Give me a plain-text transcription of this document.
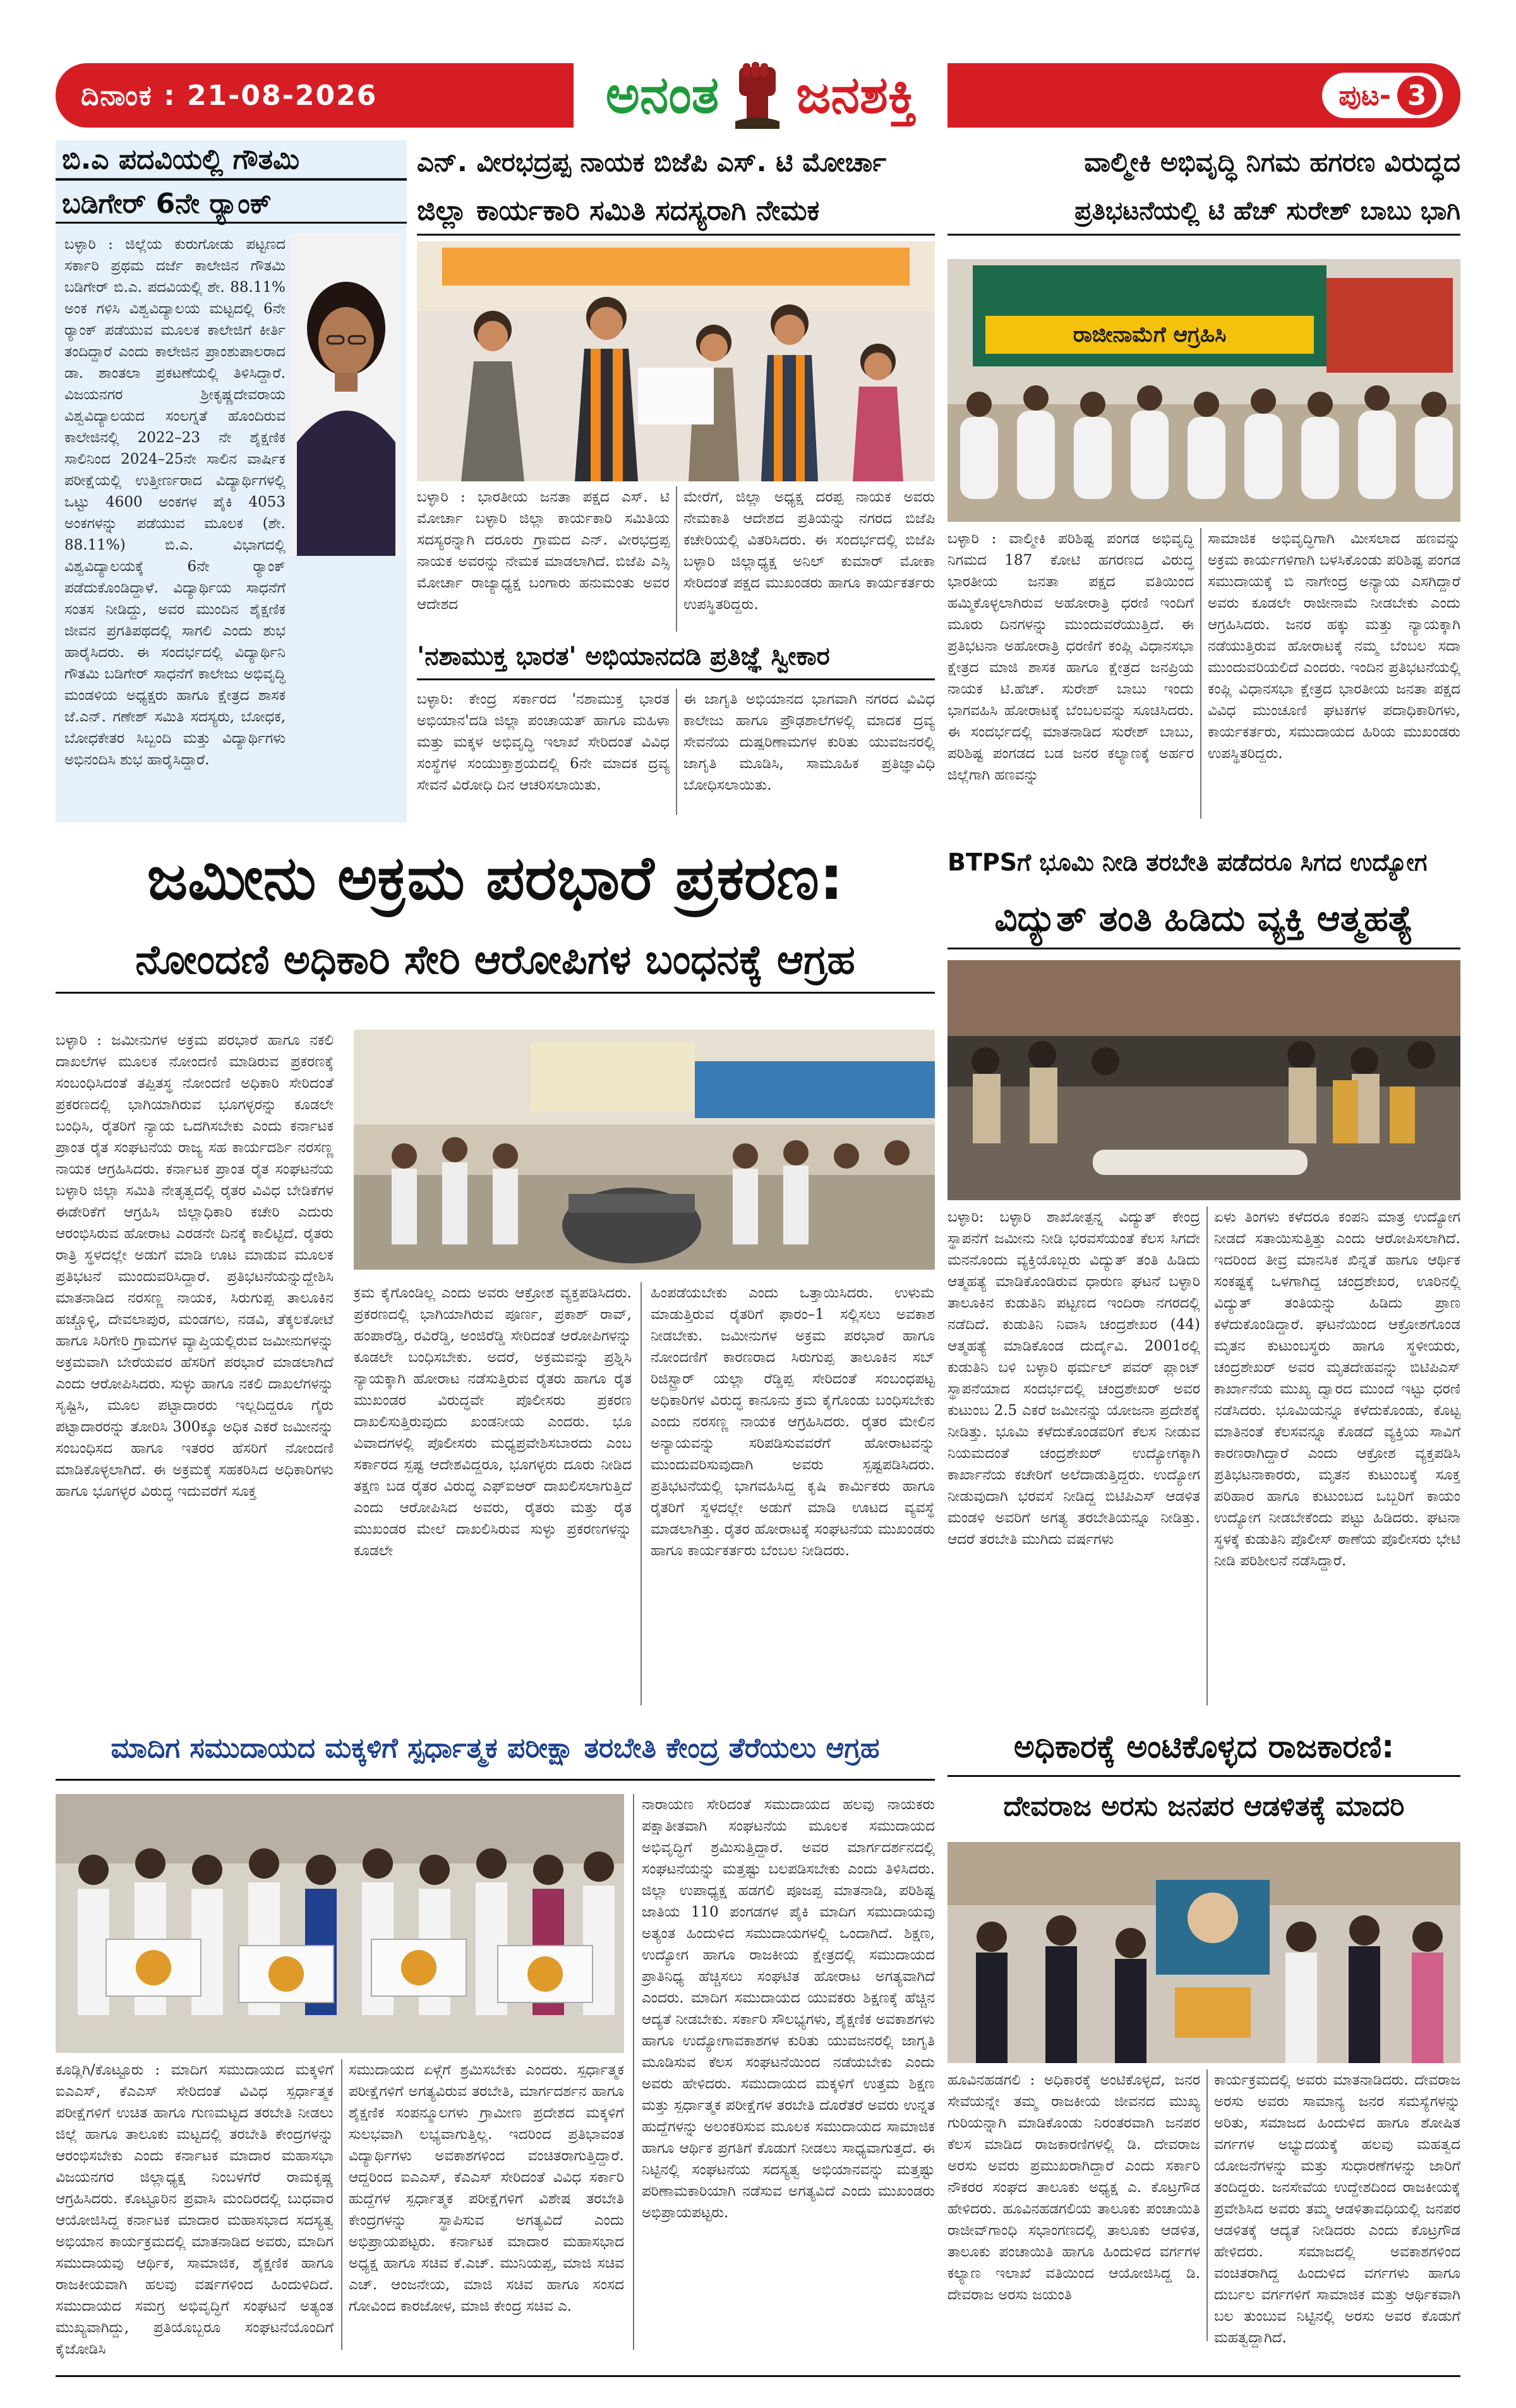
ದಿನಾಂಕ : 21-08-2026	ಅನಂತ ಜನಶಕ್ತಿ	ಪುಟ- 3
ಬಿ.ಎ ಪದವಿಯಲ್ಲಿ ಗೌತಮಿ
ಬಡಿಗೇರ್ 6ನೇ ರ‍್ಯಾಂಕ್
ಬಳ್ಳಾರಿ : ಜಿಲ್ಲೆಯ ಕುರುಗೋಡು ಪಟ್ಟಣದ ಸರ್ಕಾರಿ ಪ್ರಥಮ ದರ್ಜೆ ಕಾಲೇಜಿನ ಗೌತಮಿ ಬಡಿಗೇರ್ ಬಿ.ಎ. ಪದವಿಯಲ್ಲಿ ಶೇ. 88.11% ಅಂಕ ಗಳಿಸಿ ವಿಶ್ವವಿದ್ಯಾಲಯ ಮಟ್ಟದಲ್ಲಿ 6ನೇ ರ‍್ಯಾಂಕ್ ಪಡೆಯುವ ಮೂಲಕ ಕಾಲೇಜಿಗೆ ಕೀರ್ತಿ ತಂದಿದ್ದಾರೆ ಎಂದು ಕಾಲೇಜಿನ ಪ್ರಾಂಶುಪಾಲರಾದ ಡಾ. ಶಾಂತಲಾ ಪ್ರಕಟಣೆಯಲ್ಲಿ ತಿಳಿಸಿದ್ದಾರೆ. ವಿಜಯನಗರ ಶ್ರೀಕೃಷ್ಣದೇವರಾಯ ವಿಶ್ವವಿದ್ಯಾಲಯದ ಸಂಲಗ್ನತೆ ಹೊಂದಿರುವ ಕಾಲೇಜಿನಲ್ಲಿ 2022–23 ನೇ ಶೈಕ್ಷಣಿಕ ಸಾಲಿನಿಂದ 2024–25ನೇ ಸಾಲಿನ ವಾರ್ಷಿಕ ಪರೀಕ್ಷೆಯಲ್ಲಿ ಉತ್ತೀರ್ಣರಾದ ವಿದ್ಯಾರ್ಥಿಗಳಲ್ಲಿ ಒಟ್ಟು 4600 ಅಂಕಗಳ ಪೈಕಿ 4053 ಅಂಕಗಳನ್ನು ಪಡೆಯುವ ಮೂಲಕ (ಶೇ. 88.11%) ಬಿ.ಎ. ವಿಭಾಗದಲ್ಲಿ ವಿಶ್ವವಿದ್ಯಾಲಯಕ್ಕೆ 6ನೇ ರ‍್ಯಾಂಕ್ ಪಡೆದುಕೊಂಡಿದ್ದಾಳೆ. ವಿದ್ಯಾರ್ಥಿಯ ಸಾಧನೆಗೆ ಸಂತಸ ನೀಡಿದ್ದು, ಅವರ ಮುಂದಿನ ಶೈಕ್ಷಣಿಕ ಜೀವನ ಪ್ರಗತಿಪಥದಲ್ಲಿ ಸಾಗಲಿ ಎಂದು ಶುಭ ಹಾರೈಸಿದರು. ಈ ಸಂದರ್ಭದಲ್ಲಿ ವಿದ್ಯಾರ್ಥಿನಿ ಗೌತಮಿ ಬಡಿಗೇರ್ ಸಾಧನೆಗೆ ಕಾಲೇಜು ಅಭಿವೃದ್ಧಿ ಮಂಡಳಿಯ ಅಧ್ಯಕ್ಷರು ಹಾಗೂ ಕ್ಷೇತ್ರದ ಶಾಸಕ ಜೆ.ಎನ್. ಗಣೇಶ್ ಸಮಿತಿ ಸದಸ್ಯರು, ಬೋಧಕ, ಬೋಧಕೇತರ ಸಿಬ್ಬಂದಿ ಮತ್ತು ವಿದ್ಯಾರ್ಥಿಗಳು ಅಭಿನಂದಿಸಿ ಶುಭ ಹಾರೈಸಿದ್ದಾರೆ.
ಎನ್. ವೀರಭದ್ರಪ್ಪ ನಾಯಕ ಬಿಜೆಪಿ ಎಸ್. ಟಿ ಮೋರ್ಚಾ
ಜಿಲ್ಲಾ ಕಾರ್ಯಕಾರಿ ಸಮಿತಿ ಸದಸ್ಯರಾಗಿ ನೇಮಕ
ಬಳ್ಳಾರಿ : ಭಾರತೀಯ ಜನತಾ ಪಕ್ಷದ ಎಸ್. ಟಿ ಮೋರ್ಚಾ ಬಳ್ಳಾರಿ ಜಿಲ್ಲಾ ಕಾರ್ಯಕಾರಿ ಸಮಿತಿಯ ಸದಸ್ಯರನ್ನಾಗಿ ದರೂರು ಗ್ರಾಮದ ಎನ್. ವೀರಭದ್ರಪ್ಪ ನಾಯಕ ಅವರನ್ನು ನೇಮಕ ಮಾಡಲಾಗಿದೆ. ಬಿಜೆಪಿ ಎಸ್ಸಿ ಮೋರ್ಚಾ ರಾಜ್ಯಾಧ್ಯಕ್ಷ ಬಂಗಾರು ಹನುಮಂತು ಅವರ ಆದೇಶದ
ಮೇರೆಗೆ, ಜಿಲ್ಲಾ ಅಧ್ಯಕ್ಷ ದರಪ್ಪ ನಾಯಕ ಅವರು ನೇಮಕಾತಿ ಆದೇಶದ ಪ್ರತಿಯನ್ನು ನಗರದ ಬಿಜೆಪಿ ಕಚೇರಿಯಲ್ಲಿ ವಿತರಿಸಿದರು. ಈ ಸಂದರ್ಭದಲ್ಲಿ ಬಿಜೆಪಿ ಬಳ್ಳಾರಿ ಜಿಲ್ಲಾಧ್ಯಕ್ಷ ಅನಿಲ್ ಕುಮಾರ್ ಮೋಕಾ ಸೇರಿದಂತೆ ಪಕ್ಷದ ಮುಖಂಡರು ಹಾಗೂ ಕಾರ್ಯಕರ್ತರು ಉಪಸ್ಥಿತರಿದ್ದರು.
'ನಶಾಮುಕ್ತ ಭಾರತ' ಅಭಿಯಾನದಡಿ ಪ್ರತಿಜ್ಞೆ ಸ್ವೀಕಾರ
ಬಳ್ಳಾರಿ: ಕೇಂದ್ರ ಸರ್ಕಾರದ 'ನಶಾಮುಕ್ತ ಭಾರತ ಅಭಿಯಾನ'ದಡಿ ಜಿಲ್ಲಾ ಪಂಚಾಯತ್ ಹಾಗೂ ಮಹಿಳಾ ಮತ್ತು ಮಕ್ಕಳ ಅಭಿವೃದ್ಧಿ ಇಲಾಖೆ ಸೇರಿದಂತೆ ವಿವಿಧ ಸಂಸ್ಥೆಗಳ ಸಂಯುಕ್ತಾಶ್ರಯದಲ್ಲಿ 6ನೇ ಮಾದಕ ದ್ರವ್ಯ ಸೇವನೆ ವಿರೋಧಿ ದಿನ ಆಚರಿಸಲಾಯಿತು.
ಈ ಜಾಗೃತಿ ಅಭಿಯಾನದ ಭಾಗವಾಗಿ ನಗರದ ವಿವಿಧ ಕಾಲೇಜು ಹಾಗೂ ಪ್ರೌಢಶಾಲೆಗಳಲ್ಲಿ ಮಾದಕ ದ್ರವ್ಯ ಸೇವನೆಯ ದುಷ್ಪರಿಣಾಮಗಳ ಕುರಿತು ಯುವಜನರಲ್ಲಿ ಜಾಗೃತಿ ಮೂಡಿಸಿ, ಸಾಮೂಹಿಕ ಪ್ರತಿಜ್ಞಾವಿಧಿ ಬೋಧಿಸಲಾಯಿತು.
ವಾಲ್ಮೀಕಿ ಅಭಿವೃದ್ಧಿ ನಿಗಮ ಹಗರಣ ವಿರುದ್ಧದ
ಪ್ರತಿಭಟನೆಯಲ್ಲಿ ಟಿ ಹೆಚ್ ಸುರೇಶ್ ಬಾಬು ಭಾಗಿ
ರಾಜೀನಾಮೆಗೆ ಆಗ್ರಹಿಸಿ
ಬಳ್ಳಾರಿ : ವಾಲ್ಮೀಕಿ ಪರಿಶಿಷ್ಟ ಪಂಗಡ ಅಭಿವೃದ್ಧಿ ನಿಗಮದ 187 ಕೋಟಿ ಹಗರಣದ ವಿರುದ್ಧ ಭಾರತೀಯ ಜನತಾ ಪಕ್ಷದ ವತಿಯಿಂದ ಹಮ್ಮಿಕೊಳ್ಳಲಾಗಿರುವ ಅಹೋರಾತ್ರಿ ಧರಣಿ ಇಂದಿಗೆ ಮೂರು ದಿನಗಳನ್ನು ಮುಂದುವರೆಯುತ್ತಿದೆ. ಈ ಪ್ರತಿಭಟನಾ ಅಹೋರಾತ್ರಿ ಧರಣಿಗೆ ಕಂಪ್ಲಿ ವಿಧಾನಸಭಾ ಕ್ಷೇತ್ರದ ಮಾಜಿ ಶಾಸಕ ಹಾಗೂ ಕ್ಷೇತ್ರದ ಜನಪ್ರಿಯ ನಾಯಕ ಟಿ.ಹೆಚ್. ಸುರೇಶ್ ಬಾಬು ಇಂದು ಭಾಗವಹಿಸಿ ಹೋರಾಟಕ್ಕೆ ಬೆಂಬಲವನ್ನು ಸೂಚಿಸಿದರು. ಈ ಸಂದರ್ಭದಲ್ಲಿ ಮಾತನಾಡಿದ ಸುರೇಶ್ ಬಾಬು, ಪರಿಶಿಷ್ಟ ಪಂಗಡದ ಬಡ ಜನರ ಕಲ್ಯಾಣಕ್ಕೆ ಅರ್ಹರ ಜಿಲ್ಲೆಗಾಗಿ ಹಣವನ್ನು
ಸಾಮಾಜಿಕ ಅಭಿವೃದ್ಧಿಗಾಗಿ ಮೀಸಲಾದ ಹಣವನ್ನು ಅಕ್ರಮ ಕಾರ್ಯಗಳಿಗಾಗಿ ಬಳಸಿಕೊಂಡು ಪರಿಶಿಷ್ಟ ಪಂಗಡ ಸಮುದಾಯಕ್ಕೆ ಬಿ ನಾಗೇಂದ್ರ ಅನ್ಯಾಯ ಎಸಗಿದ್ದಾರೆ ಅವರು ಕೂಡಲೇ ರಾಜೀನಾಮೆ ನೀಡಬೇಕು ಎಂದು ಆಗ್ರಹಿಸಿದರು. ಜನರ ಹಕ್ಕು ಮತ್ತು ನ್ಯಾಯಕ್ಕಾಗಿ ನಡೆಯುತ್ತಿರುವ ಹೋರಾಟಕ್ಕೆ ನಮ್ಮ ಬೆಂಬಲ ಸದಾ ಮುಂದುವರಿಯಲಿದೆ ಎಂದರು. ಇಂದಿನ ಪ್ರತಿಭಟನೆಯಲ್ಲಿ ಕಂಪ್ಲಿ ವಿಧಾನಸಭಾ ಕ್ಷೇತ್ರದ ಭಾರತೀಯ ಜನತಾ ಪಕ್ಷದ ವಿವಿಧ ಮುಂಚೂಣಿ ಘಟಕಗಳ ಪದಾಧಿಕಾರಿಗಳು, ಕಾರ್ಯಕರ್ತರು, ಸಮುದಾಯದ ಹಿರಿಯ ಮುಖಂಡರು ಉಪಸ್ಥಿತರಿದ್ದರು.
ಜಮೀನು ಅಕ್ರಮ ಪರಭಾರೆ ಪ್ರಕರಣ:
ನೋಂದಣಿ ಅಧಿಕಾರಿ ಸೇರಿ ಆರೋಪಿಗಳ ಬಂಧನಕ್ಕೆ ಆಗ್ರಹ
ಬಳ್ಳಾರಿ : ಜಮೀನುಗಳ ಅಕ್ರಮ ಪರಭಾರೆ ಹಾಗೂ ನಕಲಿ ದಾಖಲೆಗಳ ಮೂಲಕ ನೋಂದಣಿ ಮಾಡಿರುವ ಪ್ರಕರಣಕ್ಕೆ ಸಂಬಂಧಿಸಿದಂತೆ ತಪ್ಪಿತಸ್ಥ ನೋಂದಣಿ ಅಧಿಕಾರಿ ಸೇರಿದಂತೆ ಪ್ರಕರಣದಲ್ಲಿ ಭಾಗಿಯಾಗಿರುವ ಭೂಗಳ್ಳರನ್ನು ಕೂಡಲೇ ಬಂಧಿಸಿ, ರೈತರಿಗೆ ನ್ಯಾಯ ಒದಗಿಸಬೇಕು ಎಂದು ಕರ್ನಾಟಕ ಪ್ರಾಂತ ರೈತ ಸಂಘಟನೆಯ ರಾಜ್ಯ ಸಹ ಕಾರ್ಯದರ್ಶಿ ನರಸಣ್ಣ ನಾಯಕ ಆಗ್ರಹಿಸಿದರು. ಕರ್ನಾಟಕ ಪ್ರಾಂತ ರೈತ ಸಂಘಟನೆಯ ಬಳ್ಳಾರಿ ಜಿಲ್ಲಾ ಸಮಿತಿ ನೇತೃತ್ವದಲ್ಲಿ ರೈತರ ವಿವಿಧ ಬೇಡಿಕೆಗಳ ಈಡೇರಿಕೆಗೆ ಆಗ್ರಹಿಸಿ ಜಿಲ್ಲಾಧಿಕಾರಿ ಕಚೇರಿ ಎದುರು ಆರಂಭಿಸಿರುವ ಹೋರಾಟ ಎರಡನೇ ದಿನಕ್ಕೆ ಕಾಲಿಟ್ಟಿದೆ. ರೈತರು ರಾತ್ರಿ ಸ್ಥಳದಲ್ಲೇ ಅಡುಗೆ ಮಾಡಿ ಊಟ ಮಾಡುವ ಮೂಲಕ ಪ್ರತಿಭಟನೆ ಮುಂದುವರಿಸಿದ್ದಾರೆ. ಪ್ರತಿಭಟನೆಯನ್ನುದ್ದೇಶಿಸಿ ಮಾತನಾಡಿದ ನರಸಣ್ಣ ನಾಯಕ, ಸಿರುಗುಪ್ಪ ತಾಲೂಕಿನ ಹಚ್ಚೊಳ್ಳಿ, ದೇವಲಾಪುರ, ಮಂಡಗಲ, ನಡವಿ, ತೆಕ್ಕಲಕೋಟೆ ಹಾಗೂ ಸಿರಿಗೇರಿ ಗ್ರಾಮಗಳ ವ್ಯಾಪ್ತಿಯಲ್ಲಿರುವ ಜಮೀನುಗಳನ್ನು ಅಕ್ರಮವಾಗಿ ಬೇರೆಯವರ ಹೆಸರಿಗೆ ಪರಭಾರೆ ಮಾಡಲಾಗಿದೆ ಎಂದು ಆರೋಪಿಸಿದರು. ಸುಳ್ಳು ಹಾಗೂ ನಕಲಿ ದಾಖಲೆಗಳನ್ನು ಸೃಷ್ಟಿಸಿ, ಮೂಲ ಪಟ್ಟಾದಾರರು ಇಲ್ಲದಿದ್ದರೂ ಗೈರು ಪಟ್ಟಾದಾರರನ್ನು ತೋರಿಸಿ 300ಕ್ಕೂ ಅಧಿಕ ಎಕರೆ ಜಮೀನನ್ನು ಸಂಬಂಧಿಸದ ಹಾಗೂ ಇತರರ ಹೆಸರಿಗೆ ನೋಂದಣಿ ಮಾಡಿಕೊಳ್ಳಲಾಗಿದೆ. ಈ ಅಕ್ರಮಕ್ಕೆ ಸಹಕರಿಸಿದ ಅಧಿಕಾರಿಗಳು ಹಾಗೂ ಭೂಗಳ್ಳರ ವಿರುದ್ಧ ಇದುವರೆಗೆ ಸೂಕ್ತ
ಕ್ರಮ ಕೈಗೊಂಡಿಲ್ಲ ಎಂದು ಅವರು ಆಕ್ರೋಶ ವ್ಯಕ್ತಪಡಿಸಿದರು. ಪ್ರಕರಣದಲ್ಲಿ ಭಾಗಿಯಾಗಿರುವ ಪೂರ್ಣ, ಪ್ರಕಾಶ್ ರಾವ್, ಹಂಪಾರೆಡ್ಡಿ, ರವಿರೆಡ್ಡಿ, ಅಂಜಿರೆಡ್ಡಿ ಸೇರಿದಂತೆ ಆರೋಪಿಗಳನ್ನು ಕೂಡಲೇ ಬಂಧಿಸಬೇಕು. ಅದರೆ, ಅಕ್ರಮವನ್ನು ಪ್ರಶ್ನಿಸಿ ನ್ಯಾಯಕ್ಕಾಗಿ ಹೋರಾಟ ನಡೆಸುತ್ತಿರುವ ರೈತರು ಹಾಗೂ ರೈತ ಮುಖಂಡರ ವಿರುದ್ಧವೇ ಪೊಲೀಸರು ಪ್ರಕರಣ ದಾಖಲಿಸುತ್ತಿರುವುದು ಖಂಡನೀಯ ಎಂದರು. ಭೂ ವಿವಾದಗಳಲ್ಲಿ ಪೊಲೀಸರು ಮಧ್ಯಪ್ರವೇಶಿಸಬಾರದು ಎಂಬ ಸರ್ಕಾರದ ಸ್ಪಷ್ಟ ಆದೇಶವಿದ್ದರೂ, ಭೂಗಳ್ಳರು ದೂರು ನೀಡಿದ ತಕ್ಷಣ ಬಡ ರೈತರ ವಿರುದ್ಧ ಎಫ್‌ಐಆರ್ ದಾಖಲಿಸಲಾಗುತ್ತಿದೆ ಎಂದು ಆರೋಪಿಸಿದ ಅವರು, ರೈತರು ಮತ್ತು ರೈತ ಮುಖಂಡರ ಮೇಲೆ ದಾಖಲಿಸಿರುವ ಸುಳ್ಳು ಪ್ರಕರಣಗಳನ್ನು ಕೂಡಲೇ
ಹಿಂಪಡೆಯಬೇಕು ಎಂದು ಒತ್ತಾಯಿಸಿದರು. ಉಳುಮೆ ಮಾಡುತ್ತಿರುವ ರೈತರಿಗೆ ಫಾರಂ–1 ಸಲ್ಲಿಸಲು ಅವಕಾಶ ನೀಡಬೇಕು. ಜಮೀನುಗಳ ಅಕ್ರಮ ಪರಭಾರೆ ಹಾಗೂ ನೋಂದಣಿಗೆ ಕಾರಣರಾದ ಸಿರುಗುಪ್ಪ ತಾಲೂಕಿನ ಸಬ್ ರಿಜಿಸ್ಟ್ರಾರ್ ಯಲ್ಲಾ ರೆಡ್ಡಿಪ್ಪ ಸೇರಿದಂತೆ ಸಂಬಂಧಪಟ್ಟ ಅಧಿಕಾರಿಗಳ ವಿರುದ್ಧ ಕಾನೂನು ಕ್ರಮ ಕೈಗೊಂಡು ಬಂಧಿಸಬೇಕು ಎಂದು ನರಸಣ್ಣ ನಾಯಕ ಆಗ್ರಹಿಸಿದರು. ರೈತರ ಮೇಲಿನ ಅನ್ಯಾಯವನ್ನು ಸರಿಪಡಿಸುವವರೆಗೆ ಹೋರಾಟವನ್ನು ಮುಂದುವರಿಸುವುದಾಗಿ ಅವರು ಸ್ಪಷ್ಟಪಡಿಸಿದರು. ಪ್ರತಿಭಟನೆಯಲ್ಲಿ ಭಾಗವಹಿಸಿದ್ದ ಕೃಷಿ ಕಾರ್ಮಿಕರು ಹಾಗೂ ರೈತರಿಗೆ ಸ್ಥಳದಲ್ಲೇ ಅಡುಗೆ ಮಾಡಿ ಊಟದ ವ್ಯವಸ್ಥೆ ಮಾಡಲಾಗಿತ್ತು. ರೈತರ ಹೋರಾಟಕ್ಕೆ ಸಂಘಟನೆಯ ಮುಖಂಡರು ಹಾಗೂ ಕಾರ್ಯಕರ್ತರು ಬೆಂಬಲ ನೀಡಿದರು.
BTPSಗೆ ಭೂಮಿ ನೀಡಿ ತರಬೇತಿ ಪಡೆದರೂ ಸಿಗದ ಉದ್ಯೋಗ
ವಿದ್ಯುತ್ ತಂತಿ ಹಿಡಿದು ವ್ಯಕ್ತಿ ಆತ್ಮಹತ್ಯೆ
ಬಳ್ಳಾರಿ: ಬಳ್ಳಾರಿ ಶಾಖೋತ್ಪನ್ನ ವಿದ್ಯುತ್ ಕೇಂದ್ರ ಸ್ಥಾಪನೆಗೆ ಜಮೀನು ನೀಡಿ ಭರವಸೆಯಂತೆ ಕೆಲಸ ಸಿಗದೇ ಮನನೊಂದು ವ್ಯಕ್ತಿಯೊಬ್ಬರು ವಿದ್ಯುತ್ ತಂತಿ ಹಿಡಿದು ಆತ್ಮಹತ್ಯೆ ಮಾಡಿಕೊಂಡಿರುವ ಧಾರುಣ ಘಟನೆ ಬಳ್ಳಾರಿ ತಾಲೂಕಿನ ಕುಡುತಿನಿ ಪಟ್ಟಣದ ಇಂದಿರಾ ನಗರದಲ್ಲಿ ನಡೆದಿದೆ. ಕುಡುತಿನಿ ನಿವಾಸಿ ಚಂದ್ರಶೇಖರ (44) ಆತ್ಮಹತ್ಯೆ ಮಾಡಿಕೊಂಡ ದುರ್ದೈವಿ. 2001ರಲ್ಲಿ ಕುಡುತಿನಿ ಬಳಿ ಬಳ್ಳಾರಿ ಥರ್ಮಲ್ ಪವರ್ ಪ್ಲಾಂಟ್ ಸ್ಥಾಪನೆಯಾದ ಸಂದರ್ಭದಲ್ಲಿ ಚಂದ್ರಶೇಖರ್ ಅವರ ಕುಟುಂಬ 2.5 ಎಕರೆ ಜಮೀನನ್ನು ಯೋಜನಾ ಪ್ರದೇಶಕ್ಕೆ ನೀಡಿತ್ತು. ಭೂಮಿ ಕಳೆದುಕೊಂಡವರಿಗೆ ಕೆಲಸ ನೀಡುವ ನಿಯಮದಂತೆ ಚಂದ್ರಶೇಖರ್ ಉದ್ಯೋಗಕ್ಕಾಗಿ ಕಾರ್ಖಾನೆಯ ಕಚೇರಿಗೆ ಅಲೆದಾಡುತ್ತಿದ್ದರು. ಉದ್ಯೋಗ ನೀಡುವುದಾಗಿ ಭರವಸೆ ನೀಡಿದ್ದ ಬಿಟಿಪಿಎಸ್ ಆಡಳಿತ ಮಂಡಳಿ ಅವರಿಗೆ ಅಗತ್ಯ ತರಬೇತಿಯನ್ನೂ ನೀಡಿತ್ತು. ಆದರೆ ತರಬೇತಿ ಮುಗಿದು ವರ್ಷಗಳು
ಏಳು ತಿಂಗಳು ಕಳೆದರೂ ಕಂಪನಿ ಮಾತ್ರ ಉದ್ಯೋಗ ನೀಡದೆ ಸತಾಯಿಸುತ್ತಿತ್ತು ಎಂದು ಆರೋಪಿಸಲಾಗಿದೆ. ಇದರಿಂದ ತೀವ್ರ ಮಾನಸಿಕ ಖಿನ್ನತೆ ಹಾಗೂ ಆರ್ಥಿಕ ಸಂಕಷ್ಟಕ್ಕೆ ಒಳಗಾಗಿದ್ದ ಚಂದ್ರಶೇಖರ, ಊರಿನಲ್ಲಿ ವಿದ್ಯುತ್ ತಂತಿಯನ್ನು ಹಿಡಿದು ಪ್ರಾಣ ಕಳೆದುಕೊಂಡಿದ್ದಾರೆ. ಘಟನೆಯಿಂದ ಆಕ್ರೋಶಗೊಂಡ ಮೃತನ ಕುಟುಂಬಸ್ಥರು ಹಾಗೂ ಸ್ಥಳೀಯರು, ಚಂದ್ರಶೇಖರ್ ಅವರ ಮೃತದೇಹವನ್ನು ಬಿಟಿಪಿಎಸ್ ಕಾರ್ಖಾನೆಯ ಮುಖ್ಯ ದ್ವಾರದ ಮುಂದೆ ಇಟ್ಟು ಧರಣಿ ನಡೆಸಿದರು. ಭೂಮಿಯನ್ನೂ ಕಳೆದುಕೊಂಡು, ಕೊಟ್ಟ ಮಾತಿನಂತೆ ಕೆಲಸವನ್ನೂ ಕೊಡದೆ ವ್ಯಕ್ತಿಯ ಸಾವಿಗೆ ಕಾರಣರಾಗಿದ್ದಾರೆ ಎಂದು ಆಕ್ರೋಶ ವ್ಯಕ್ತಪಡಿಸಿ ಪ್ರತಿಭಟನಾಕಾರರು, ಮೃತನ ಕುಟುಂಬಕ್ಕೆ ಸೂಕ್ತ ಪರಿಹಾರ ಹಾಗೂ ಕುಟುಂಬದ ಒಬ್ಬರಿಗೆ ಕಾಯಂ ಉದ್ಯೋಗ ನೀಡಬೇಕೆಂದು ಪಟ್ಟು ಹಿಡಿದರು. ಘಟನಾ ಸ್ಥಳಕ್ಕೆ ಕುಡುತಿನಿ ಪೊಲೀಸ್ ಠಾಣೆಯ ಪೊಲೀಸರು ಭೇಟಿ ನೀಡಿ ಪರಿಶೀಲನೆ ನಡೆಸಿದ್ದಾರೆ.
ಮಾದಿಗ ಸಮುದಾಯದ ಮಕ್ಕಳಿಗೆ ಸ್ಪರ್ಧಾತ್ಮಕ ಪರೀಕ್ಷಾ ತರಬೇತಿ ಕೇಂದ್ರ ತೆರೆಯಲು ಆಗ್ರಹ
ಕೂಡ್ಲಿಗಿ/ಕೊಟ್ಟೂರು : ಮಾದಿಗ ಸಮುದಾಯದ ಮಕ್ಕಳಿಗೆ ಐಎಎಸ್, ಕೆಎಎಸ್ ಸೇರಿದಂತೆ ವಿವಿಧ ಸ್ಪರ್ಧಾತ್ಮಕ ಪರೀಕ್ಷೆಗಳಿಗೆ ಉಚಿತ ಹಾಗೂ ಗುಣಮಟ್ಟದ ತರಬೇತಿ ನೀಡಲು ಜಿಲ್ಲೆ ಹಾಗೂ ತಾಲೂಕು ಮಟ್ಟದಲ್ಲಿ ತರಬೇತಿ ಕೇಂದ್ರಗಳನ್ನು ಆರಂಭಿಸಬೇಕು ಎಂದು ಕರ್ನಾಟಕ ಮಾದಾರ ಮಹಾಸಭಾ ವಿಜಯನಗರ ಜಿಲ್ಲಾಧ್ಯಕ್ಷ ನಿಂಬಳಗೆರೆ ರಾಮಕೃಷ್ಣ ಆಗ್ರಹಿಸಿದರು. ಕೊಟ್ಟೂರಿನ ಪ್ರವಾಸಿ ಮಂದಿರದಲ್ಲಿ ಬುಧವಾರ ಆಯೋಜಿಸಿದ್ದ ಕರ್ನಾಟಕ ಮಾದಾರ ಮಹಾಸಭಾದ ಸದಸ್ಯತ್ವ ಅಭಿಯಾನ ಕಾರ್ಯಕ್ರಮದಲ್ಲಿ ಮಾತನಾಡಿದ ಅವರು, ಮಾದಿಗ ಸಮುದಾಯವು ಆರ್ಥಿಕ, ಸಾಮಾಜಿಕ, ಶೈಕ್ಷಣಿಕ ಹಾಗೂ ರಾಜಕೀಯವಾಗಿ ಹಲವು ವರ್ಷಗಳಿಂದ ಹಿಂದುಳಿದಿದೆ. ಸಮುದಾಯದ ಸಮಗ್ರ ಅಭಿವೃದ್ಧಿಗೆ ಸಂಘಟನೆ ಅತ್ಯಂತ ಮುಖ್ಯವಾಗಿದ್ದು, ಪ್ರತಿಯೊಬ್ಬರೂ ಸಂಘಟನೆಯೊಂದಿಗೆ ಕೈಜೋಡಿಸಿ
ಸಮುದಾಯದ ಏಳ್ಗೆಗೆ ಶ್ರಮಿಸಬೇಕು ಎಂದರು. ಸ್ಪರ್ಧಾತ್ಮಕ ಪರೀಕ್ಷೆಗಳಿಗೆ ಅಗತ್ಯವಿರುವ ತರಬೇತಿ, ಮಾರ್ಗದರ್ಶನ ಹಾಗೂ ಶೈಕ್ಷಣಿಕ ಸಂಪನ್ಮೂಲಗಳು ಗ್ರಾಮೀಣ ಪ್ರದೇಶದ ಮಕ್ಕಳಿಗೆ ಸುಲಭವಾಗಿ ಲಭ್ಯವಾಗುತ್ತಿಲ್ಲ. ಇದರಿಂದ ಪ್ರತಿಭಾವಂತ ವಿದ್ಯಾರ್ಥಿಗಳು ಅವಕಾಶಗಳಿಂದ ವಂಚಿತರಾಗುತ್ತಿದ್ದಾರೆ. ಆದ್ದರಿಂದ ಐಎಎಸ್, ಕೆಎಎಸ್ ಸೇರಿದಂತೆ ವಿವಿಧ ಸರ್ಕಾರಿ ಹುದ್ದೆಗಳ ಸ್ಪರ್ಧಾತ್ಮಕ ಪರೀಕ್ಷೆಗಳಿಗೆ ವಿಶೇಷ ತರಬೇತಿ ಕೇಂದ್ರಗಳನ್ನು ಸ್ಥಾಪಿಸುವ ಅಗತ್ಯವಿದೆ ಎಂದು ಅಭಿಪ್ರಾಯಪಟ್ಟರು. ಕರ್ನಾಟಕ ಮಾದಾರ ಮಹಾಸಭಾದ ಅಧ್ಯಕ್ಷ ಹಾಗೂ ಸಚಿವ ಕೆ.ಎಚ್. ಮುನಿಯಪ್ಪ, ಮಾಜಿ ಸಚಿವ ಎಚ್. ಆಂಜನೇಯ, ಮಾಜಿ ಸಚಿವ ಹಾಗೂ ಸಂಸದ ಗೋವಿಂದ ಕಾರಜೋಳ, ಮಾಜಿ ಕೇಂದ್ರ ಸಚಿವ ಎ.
ನಾರಾಯಣ ಸೇರಿದಂತೆ ಸಮುದಾಯದ ಹಲವು ನಾಯಕರು ಪಕ್ಷಾತೀತವಾಗಿ ಸಂಘಟನೆಯ ಮೂಲಕ ಸಮುದಾಯದ ಅಭಿವೃದ್ಧಿಗೆ ಶ್ರಮಿಸುತ್ತಿದ್ದಾರೆ. ಅವರ ಮಾರ್ಗದರ್ಶನದಲ್ಲಿ ಸಂಘಟನೆಯನ್ನು ಮತ್ತಷ್ಟು ಬಲಪಡಿಸಬೇಕು ಎಂದು ತಿಳಿಸಿದರು. ಜಿಲ್ಲಾ ಉಪಾಧ್ಯಕ್ಷ ಹಡಗಲಿ ಪೂಜಪ್ಪ ಮಾತನಾಡಿ, ಪರಿಶಿಷ್ಟ ಜಾತಿಯ 110 ಪಂಗಡಗಳ ಪೈಕಿ ಮಾದಿಗ ಸಮುದಾಯವು ಅತ್ಯಂತ ಹಿಂದುಳಿದ ಸಮುದಾಯಗಳಲ್ಲಿ ಒಂದಾಗಿದೆ. ಶಿಕ್ಷಣ, ಉದ್ಯೋಗ ಹಾಗೂ ರಾಜಕೀಯ ಕ್ಷೇತ್ರದಲ್ಲಿ ಸಮುದಾಯದ ಪ್ರಾತಿನಿಧ್ಯ ಹೆಚ್ಚಿಸಲು ಸಂಘಟಿತ ಹೋರಾಟ ಅಗತ್ಯವಾಗಿದೆ ಎಂದರು. ಮಾದಿಗ ಸಮುದಾಯದ ಯುವಕರು ಶಿಕ್ಷಣಕ್ಕೆ ಹೆಚ್ಚಿನ ಆದ್ಯತೆ ನೀಡಬೇಕು. ಸರ್ಕಾರಿ ಸೌಲಭ್ಯಗಳು, ಶೈಕ್ಷಣಿಕ ಅವಕಾಶಗಳು ಹಾಗೂ ಉದ್ಯೋಗಾವಕಾಶಗಳ ಕುರಿತು ಯುವಜನರಲ್ಲಿ ಜಾಗೃತಿ ಮೂಡಿಸುವ ಕೆಲಸ ಸಂಘಟನೆಯಿಂದ ನಡೆಯಬೇಕು ಎಂದು ಅವರು ಹೇಳಿದರು. ಸಮುದಾಯದ ಮಕ್ಕಳಿಗೆ ಉತ್ತಮ ಶಿಕ್ಷಣ ಮತ್ತು ಸ್ಪರ್ಧಾತ್ಮಕ ಪರೀಕ್ಷೆಗಳ ತರಬೇತಿ ದೊರೆತರೆ ಅವರು ಉನ್ನತ ಹುದ್ದೆಗಳನ್ನು ಅಲಂಕರಿಸುವ ಮೂಲಕ ಸಮುದಾಯದ ಸಾಮಾಜಿಕ ಹಾಗೂ ಆರ್ಥಿಕ ಪ್ರಗತಿಗೆ ಕೊಡುಗೆ ನೀಡಲು ಸಾಧ್ಯವಾಗುತ್ತದೆ. ಈ ನಿಟ್ಟಿನಲ್ಲಿ ಸಂಘಟನೆಯ ಸದಸ್ಯತ್ವ ಅಭಿಯಾನವನ್ನು ಮತ್ತಷ್ಟು ಪರಿಣಾಮಕಾರಿಯಾಗಿ ನಡೆಸುವ ಅಗತ್ಯವಿದೆ ಎಂದು ಮುಖಂಡರು ಅಭಿಪ್ರಾಯಪಟ್ಟರು.
ಅಧಿಕಾರಕ್ಕೆ ಅಂಟಿಕೊಳ್ಳದ ರಾಜಕಾರಣಿ:
ದೇವರಾಜ ಅರಸು ಜನಪರ ಆಡಳಿತಕ್ಕೆ ಮಾದರಿ
ಹೂವಿನಹಡಗಲಿ : ಅಧಿಕಾರಕ್ಕೆ ಅಂಟಿಕೊಳ್ಳದೆ, ಜನರ ಸೇವೆಯನ್ನೇ ತಮ್ಮ ರಾಜಕೀಯ ಜೀವನದ ಮುಖ್ಯ ಗುರಿಯನ್ನಾಗಿ ಮಾಡಿಕೊಂಡು ನಿರಂತರವಾಗಿ ಜನಪರ ಕೆಲಸ ಮಾಡಿದ ರಾಜಕಾರಣಿಗಳಲ್ಲಿ ಡಿ. ದೇವರಾಜ ಅರಸು ಅವರು ಪ್ರಮುಖರಾಗಿದ್ದಾರೆ ಎಂದು ಸರ್ಕಾರಿ ನೌಕರರ ಸಂಘದ ತಾಲೂಕು ಅಧ್ಯಕ್ಷ ಎ. ಕೊಟ್ರಗೌಡ ಹೇಳಿದರು. ಹೂವಿನಹಡಗಲಿಯ ತಾಲೂಕು ಪಂಚಾಯಿತಿ ರಾಜೀವ್‌ಗಾಂಧಿ ಸಭಾಂಗಣದಲ್ಲಿ ತಾಲೂಕು ಆಡಳಿತ, ತಾಲೂಕು ಪಂಚಾಯಿತಿ ಹಾಗೂ ಹಿಂದುಳಿದ ವರ್ಗಗಳ ಕಲ್ಯಾಣ ಇಲಾಖೆ ವತಿಯಿಂದ ಆಯೋಜಿಸಿದ್ದ ಡಿ. ದೇವರಾಜ ಅರಸು ಜಯಂತಿ
ಕಾರ್ಯಕ್ರಮದಲ್ಲಿ ಅವರು ಮಾತನಾಡಿದರು. ದೇವರಾಜ ಅರಸು ಅವರು ಸಾಮಾನ್ಯ ಜನರ ಸಮಸ್ಯೆಗಳನ್ನು ಅರಿತು, ಸಮಾಜದ ಹಿಂದುಳಿದ ಹಾಗೂ ಶೋಷಿತ ವರ್ಗಗಳ ಅಭ್ಯುದಯಕ್ಕೆ ಹಲವು ಮಹತ್ವದ ಯೋಜನೆಗಳನ್ನು ಮತ್ತು ಸುಧಾರಣೆಗಳನ್ನು ಜಾರಿಗೆ ತಂದಿದ್ದರು. ಜನಸೇವೆಯ ಉದ್ದೇಶದಿಂದ ರಾಜಕೀಯಕ್ಕೆ ಪ್ರವೇಶಿಸಿದ ಅವರು ತಮ್ಮ ಆಡಳಿತಾವಧಿಯಲ್ಲಿ ಜನಪರ ಆಡಳಿತಕ್ಕೆ ಆದ್ಯತೆ ನೀಡಿದರು ಎಂದು ಕೊಟ್ರಗೌಡ ಹೇಳಿದರು. ಸಮಾಜದಲ್ಲಿ ಅವಕಾಶಗಳಿಂದ ವಂಚಿತರಾಗಿದ್ದ ಹಿಂದುಳಿದ ವರ್ಗಗಳು ಹಾಗೂ ದುರ್ಬಲ ವರ್ಗಗಳಿಗೆ ಸಾಮಾಜಿಕ ಮತ್ತು ಆರ್ಥಿಕವಾಗಿ ಬಲ ತುಂಬುವ ನಿಟ್ಟಿನಲ್ಲಿ ಅರಸು ಅವರ ಕೊಡುಗೆ ಮಹತ್ವದ್ದಾಗಿದೆ.
